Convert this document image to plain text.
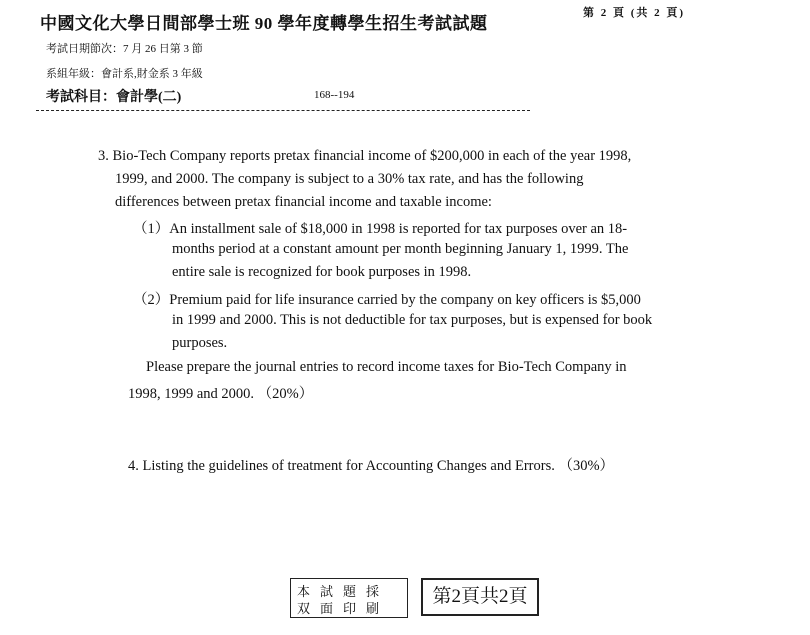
中國文化大學日間部學士班 90 學年度轉學生招生考試試題
第 2 頁 (共 2 頁)
考試日期節次：7 月 26 日第 3 節
系組年級：會計系,財金系 3 年級
考試科目：會計學(二)	168--194
3. Bio-Tech Company reports pretax financial income of $200,000 in each of the year 1998,
1999, and 2000. The company is subject to a 30% tax rate, and has the following
differences between pretax financial income and taxable income:
（1）An installment sale of $18,000 in 1998 is reported for tax purposes over an 18-
months period at a constant amount per month beginning January 1, 1999. The
entire sale is recognized for book purposes in 1998.
（2）Premium paid for life insurance carried by the company on key officers is $5,000
in 1999 and 2000. This is not deductible for tax purposes, but is expensed for book
purposes.
Please prepare the journal entries to record income taxes for Bio-Tech Company in
1998, 1999 and 2000. （20%）
4. Listing the guidelines of treatment for Accounting Changes and Errors. （30%）
本試題採
双面印刷
第2頁共2頁
